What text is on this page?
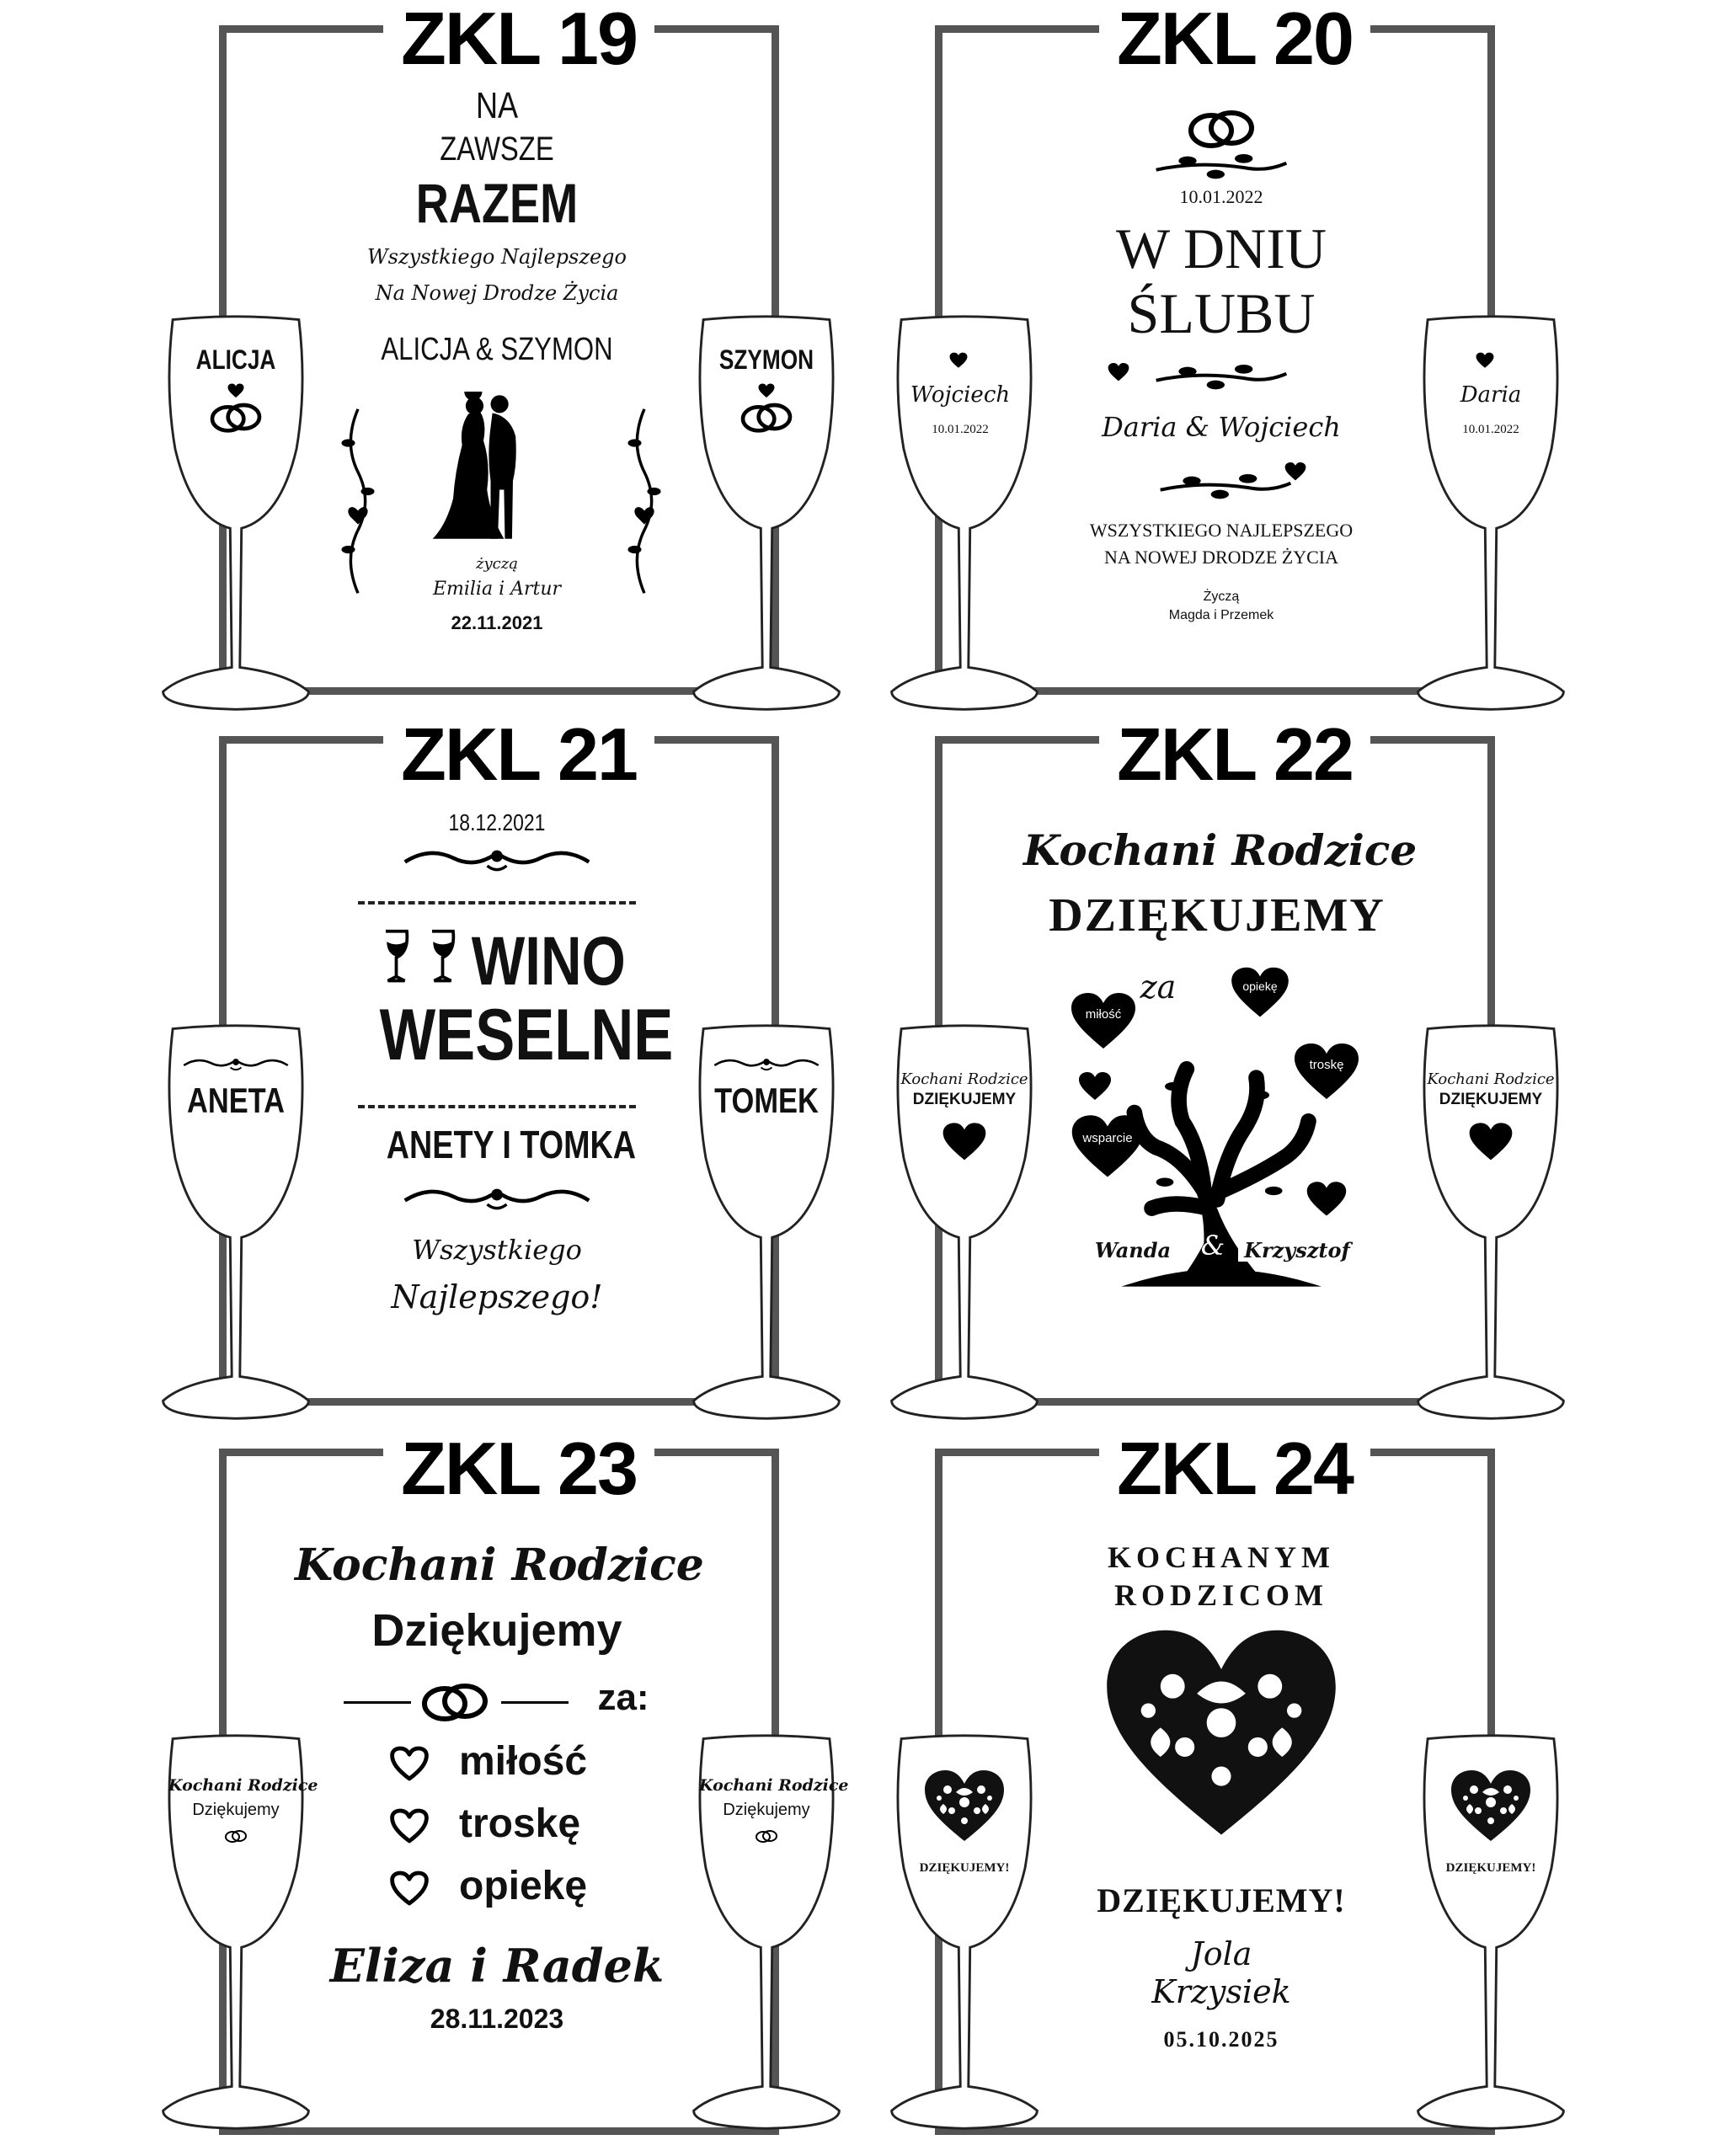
ZKL 19
ALICJA	SZYMON
NA
ZAWSZE
RAZEM
Wszystkiego Najlepszego
Na Nowej Drodze Życia
ALICJA & SZYMON
życzą
Emilia i Artur
22.11.2021
ZKL 20
Wojciech
10.01.2022
Daria
10.01.2022
10.01.2022
W DNIU
ŚLUBU
Daria & Wojciech
WSZYSTKIEGO NAJLEPSZEGO
NA NOWEJ DRODZE ŻYCIA
Życzą
Magda i Przemek
ZKL 21
ANETA	TOMEK
18.12.2021
WINO
WESELNE
ANETY I TOMKA
Wszystkiego
Najlepszego!
ZKL 22
Kochani Rodzice
DZIĘKUJEMY
Kochani Rodzice
DZIĘKUJEMY
Kochani Rodzice
DZIĘKUJEMY
za	opiekę
miłość
troskę
wsparcie
Wanda	& Krzysztof
ZKL 23
Kochani Rodzice
Dziękujemy
Kochani Rodzice
Dziękujemy
Kochani Rodzice
Dziękujemy
za:
miłość
troskę
opiekę
Eliza i Radek
28.11.2023
ZKL 24
DZIĘKUJEMY!	DZIĘKUJEMY!
KOCHANYM
RODZICOM
DZIĘKUJEMY!
Jola
Krzysiek
05.10.2025
